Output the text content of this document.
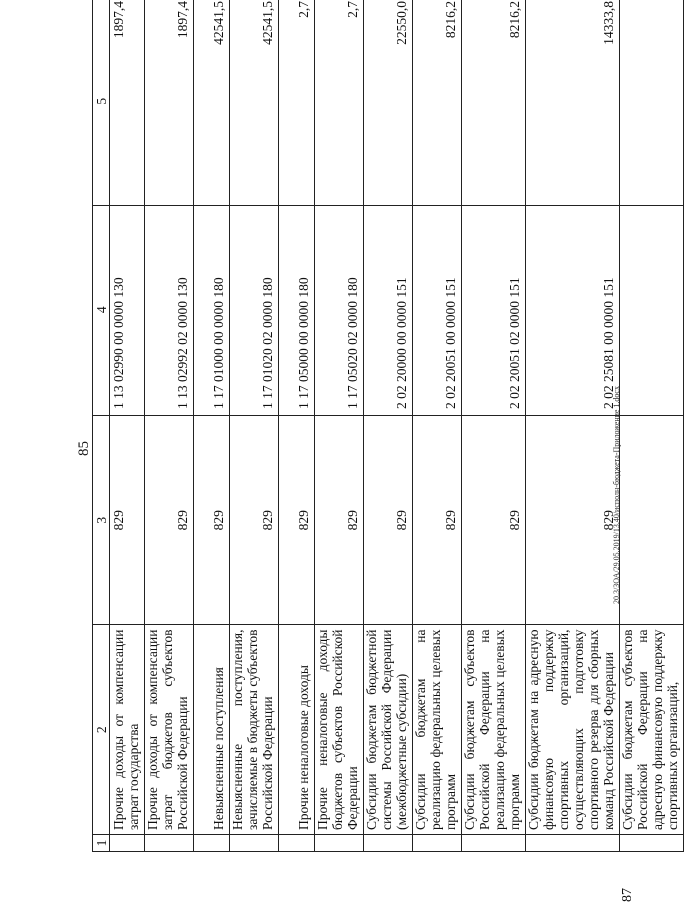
85
1	2	3	4	5
	Прочие доходы от компенсации затрат государства	829	1 13 02990 00 0000 130	1897,4
	Прочие доходы от компенсации затрат бюджетов субъектов Российской Федерации	829	1 13 02992 02 0000 130	1897,4
	Невыясненные поступления	829	1 17 01000 00 0000 180	42541,5
	Невыясненные поступления, зачисляемые в бюджеты субъектов Российской Федерации	829	1 17 01020 02 0000 180	42541,5
	Прочие неналоговые доходы	829	1 17 05000 00 0000 180	2,7
	Прочие неналоговые доходы бюджетов субъектов Российской Федерации	829	1 17 05020 02 0000 180	2,7
	Субсидии бюджетам бюджетной системы Российской Федерации (межбюджетные субсидии)	829	2 02 20000 00 0000 151	22550,0
	Субсидии бюджетам на реализацию федеральных целевых программ	829	2 02 20051 00 0000 151	8216,2
	Субсидии бюджетам субъектов Российской Федерации на реализацию федеральных целевых программ	829	2 02 20051 02 0000 151	8216,2
	Субсидии бюджетам на адресную финансовую поддержку спортивных организаций, осуществляющих подготовку спортивного резерва для сборных команд Российской Федерации	829	2 02 25081 00 0000 151	14333,8
	Субсидии бюджетам субъектов Российской Федерации на адресную финансовую поддержку спортивных организаций,			
20.3/ЗОА/29.05.2019/13.40/исполн-бюджета-Приложение 1.docx
87
